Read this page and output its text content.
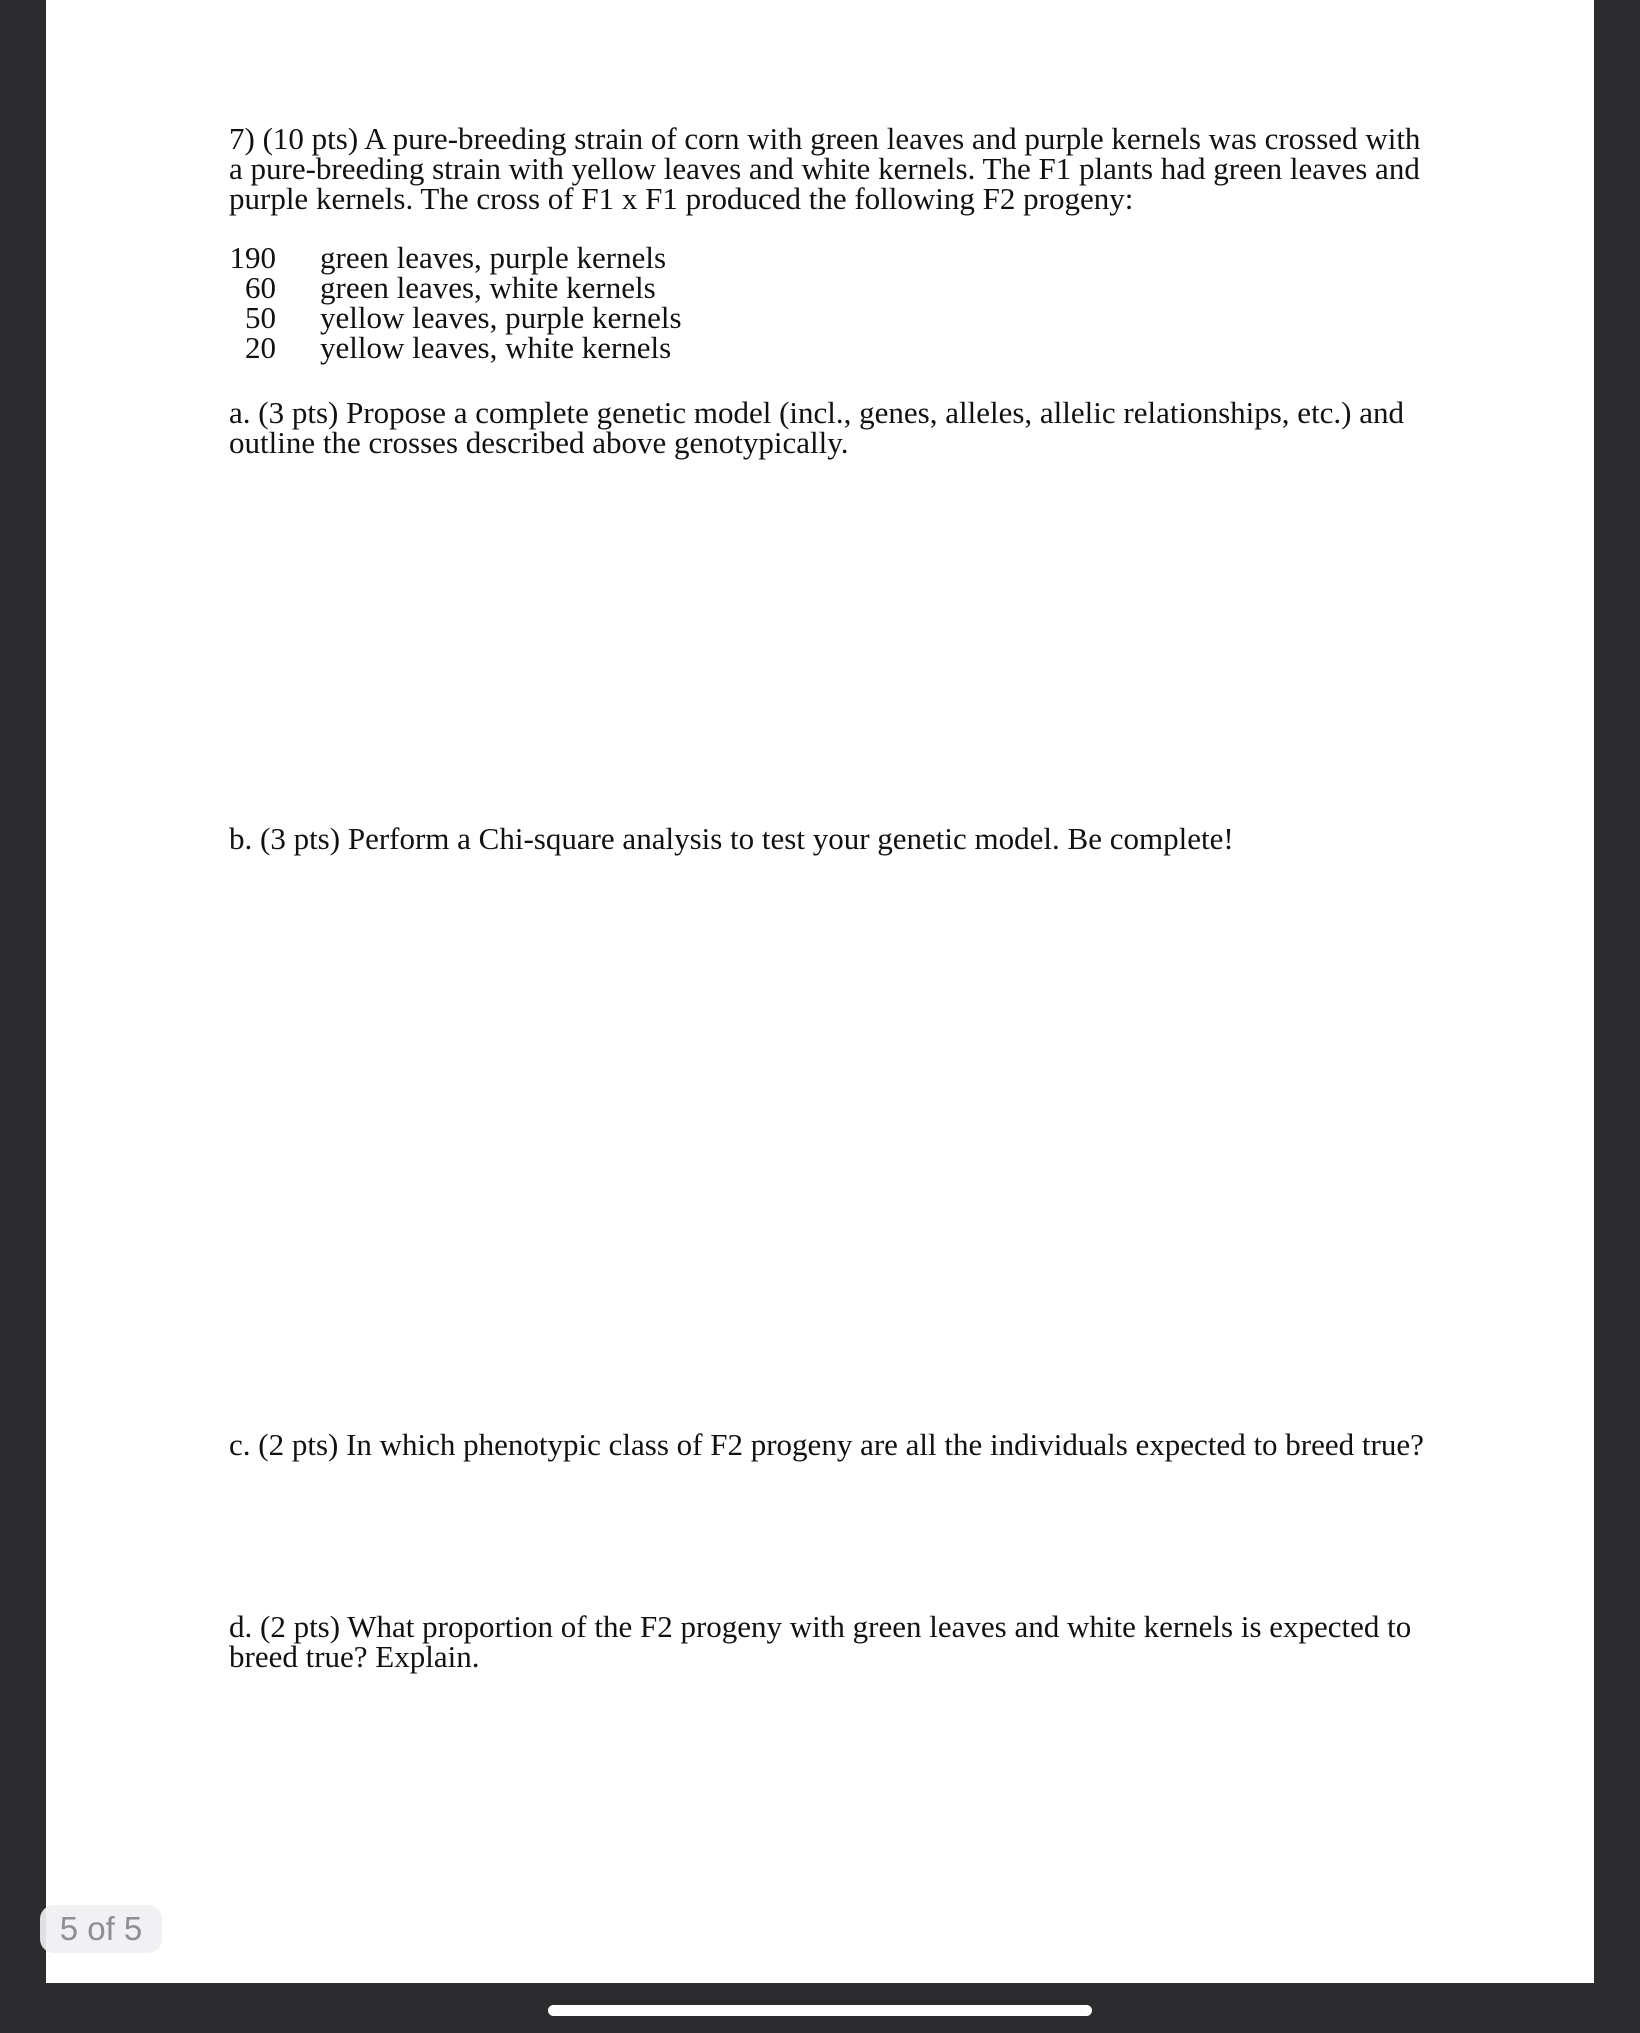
7) (10 pts) A pure-breeding strain of corn with green leaves and purple kernels was crossed with
a pure-breeding strain with yellow leaves and white kernels. The F1 plants had green leaves and
purple kernels. The cross of F1 x F1 produced the following F2 progeny:

190 green leaves, purple kernels
60 green leaves, white kernels
50 yellow leaves, purple kernels
20 yellow leaves, white kernels

a. (3 pts) Propose a complete genetic model (incl., genes, alleles, allelic relationships, etc.) and
outline the crosses described above genotypically.

b. (3 pts) Perform a Chi-square analysis to test your genetic model. Be complete!

c. (2 pts) In which phenotypic class of F2 progeny are all the individuals expected to breed true?

d. (2 pts) What proportion of the F2 progeny with green leaves and white kernels is expected to
breed true? Explain.

5 of 5
